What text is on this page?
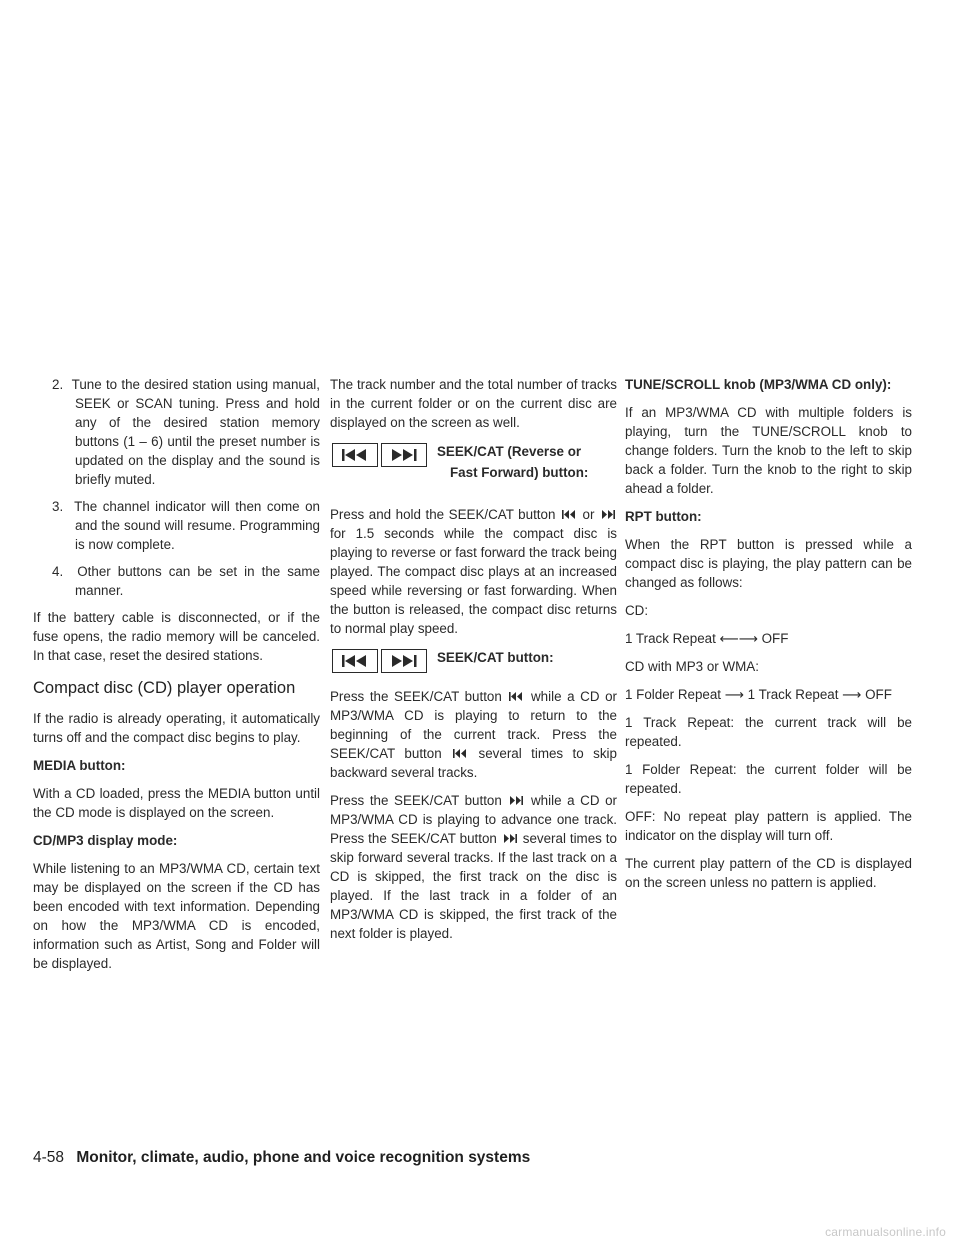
2. Tune to the desired station using manual, SEEK or SCAN tuning. Press and hold any of the desired station memory buttons (1 – 6) until the preset number is updated on the display and the sound is briefly muted.

3. The channel indicator will then come on and the sound will resume. Programming is now complete.

4. Other buttons can be set in the same manner.

If the battery cable is disconnected, or if the fuse opens, the radio memory will be canceled. In that case, reset the desired stations.

Compact disc (CD) player operation

If the radio is already operating, it automatically turns off and the compact disc begins to play.

MEDIA button:

With a CD loaded, press the MEDIA button until the CD mode is displayed on the screen.

CD/MP3 display mode:

While listening to an MP3/WMA CD, certain text may be displayed on the screen if the CD has been encoded with text information. Depending on how the MP3/WMA CD is encoded, information such as Artist, Song and Folder will be displayed.

The track number and the total number of tracks in the current folder or on the current disc are displayed on the screen as well.

SEEK/CAT (Reverse or
Fast Forward) button:

Press and hold the SEEK/CAT button or  for 1.5 seconds while the compact disc is playing to reverse or fast forward the track being played. The compact disc plays at an increased speed while reversing or fast forwarding. When the button is released, the compact disc returns to normal play speed.

SEEK/CAT button:

Press the SEEK/CAT button while a CD or MP3/WMA CD is playing to return to the beginning of the current track. Press the SEEK/CAT button	several times to skip backward several tracks.

Press the SEEK/CAT button while a CD or MP3/WMA CD is playing to advance one track. Press the SEEK/CAT button several times to skip forward several tracks. If the last track on a CD is skipped, the first track on the disc is played. If the last track in a folder of an MP3/WMA CD is skipped, the first track of the next folder is played.

TUNE/SCROLL knob (MP3/WMA CD only):

If an MP3/WMA CD with multiple folders is playing, turn the TUNE/SCROLL knob to change folders. Turn the knob to the left to skip back a folder. Turn the knob to the right to skip ahead a folder.

RPT button:

When the RPT button is pressed while a compact disc is playing, the play pattern can be changed as follows:

CD:

1 Track Repeat ⟵⟶ OFF

CD with MP3 or WMA:

1 Folder Repeat ⟶ 1 Track Repeat ⟶ OFF

1 Track Repeat: the current track will be repeated.

1 Folder Repeat: the current folder will be repeated.

OFF: No repeat play pattern is applied. The indicator on the display will turn off.

The current play pattern of the CD is displayed on the screen unless no pattern is applied.

4-58 Monitor, climate, audio, phone and voice recognition systems
carmanualsonline.info
